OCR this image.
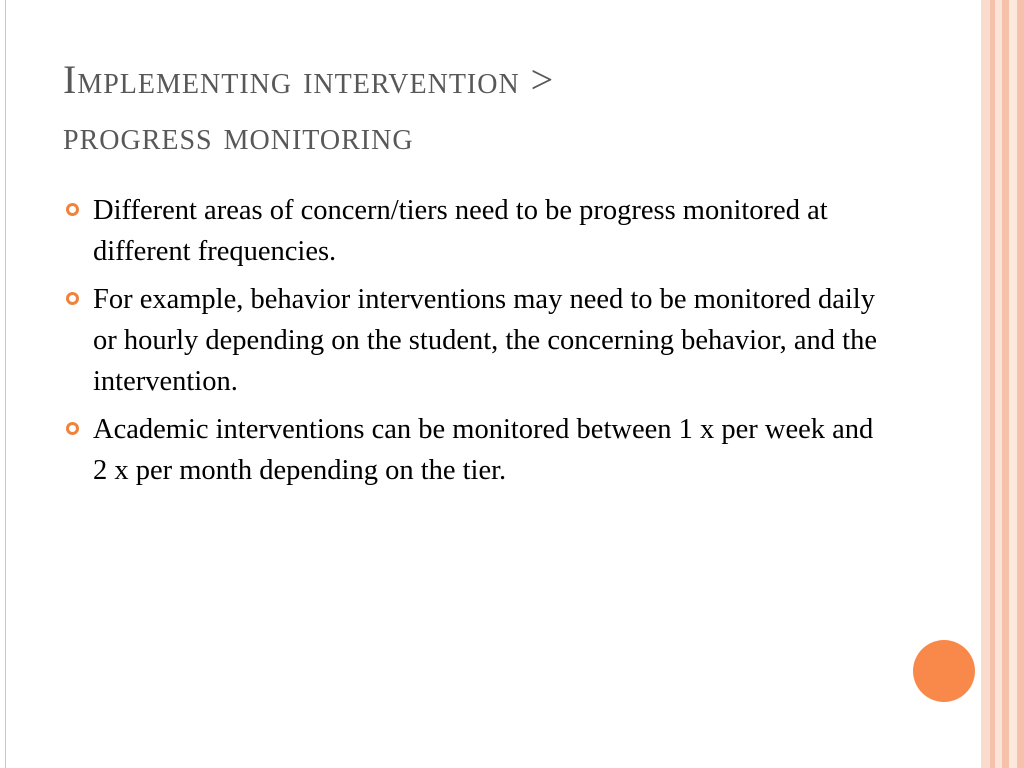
Implementing intervention >
progress monitoring
Different areas of concern/tiers need to be progress monitored at different frequencies.
For example, behavior interventions may need to be monitored daily or hourly depending on the student, the concerning behavior, and the intervention.
Academic interventions can be monitored between 1 x per week and 2 x per month depending on the tier.
